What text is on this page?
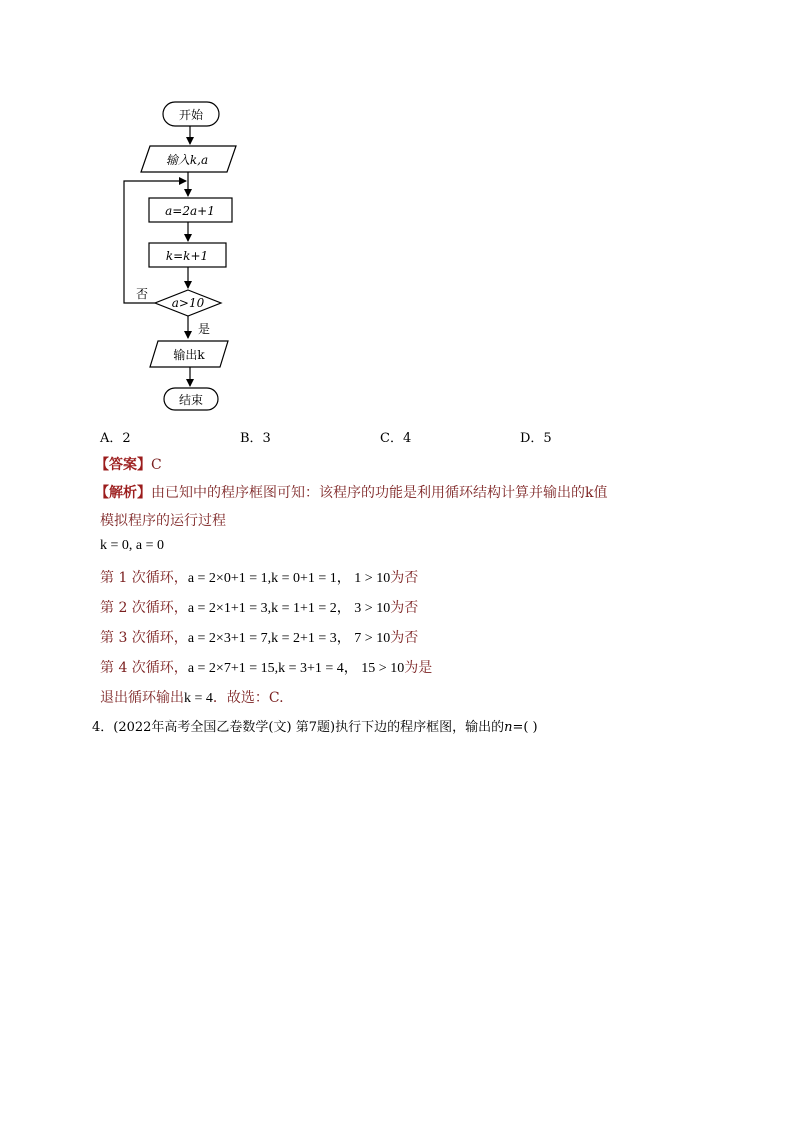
开始
输入k,a
a=2a+1
k=k+1
a>10
否
是
输出k
结束
A．2	B．3	C．4	D．5
【答案】C
【解析】由已知中的程序框图可知：该程序的功能是利用循环结构计算并输出的k值
模拟程序的运行过程
k = 0, a = 0
第 1 次循环，a = 2×0+1 = 1,k = 0+1 = 1， 1 > 10为否
第 2 次循环，a = 2×1+1 = 3,k = 1+1 = 2， 3 > 10为否
第 3 次循环，a = 2×3+1 = 7,k = 2+1 = 3， 7 > 10为否
第 4 次循环，a = 2×7+1 = 15,k = 3+1 = 4， 15 > 10为是
退出循环输出k = 4．故选：C.
4．(2022年高考全国乙卷数学(文) 第7题)执行下边的程序框图，输出的n=( )
